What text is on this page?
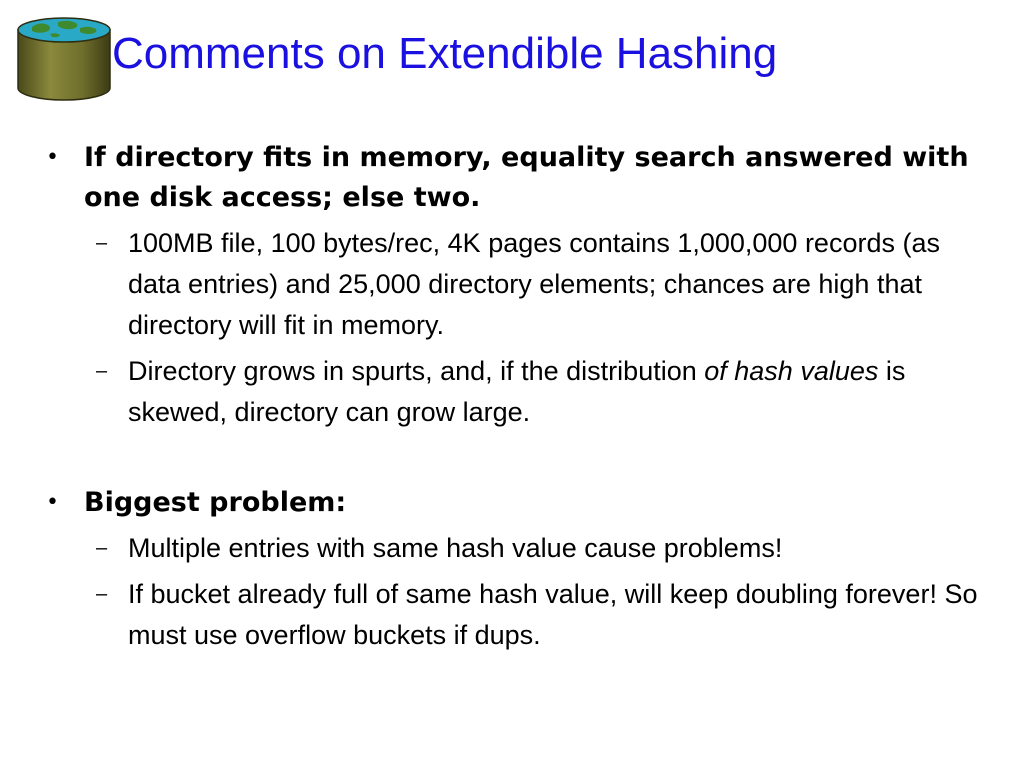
Comments on Extendible Hashing
• If directory fits in memory, equality search answered with one disk access; else two.
– 100MB file, 100 bytes/rec, 4K pages contains 1,000,000 records (as data entries) and 25,000 directory elements; chances are high that directory will fit in memory.
– Directory grows in spurts, and, if the distribution of hash values is skewed, directory can grow large.
• Biggest problem:
– Multiple entries with same hash value cause problems!
– If bucket already full of same hash value, will keep doubling forever! So must use overflow buckets if dups.
